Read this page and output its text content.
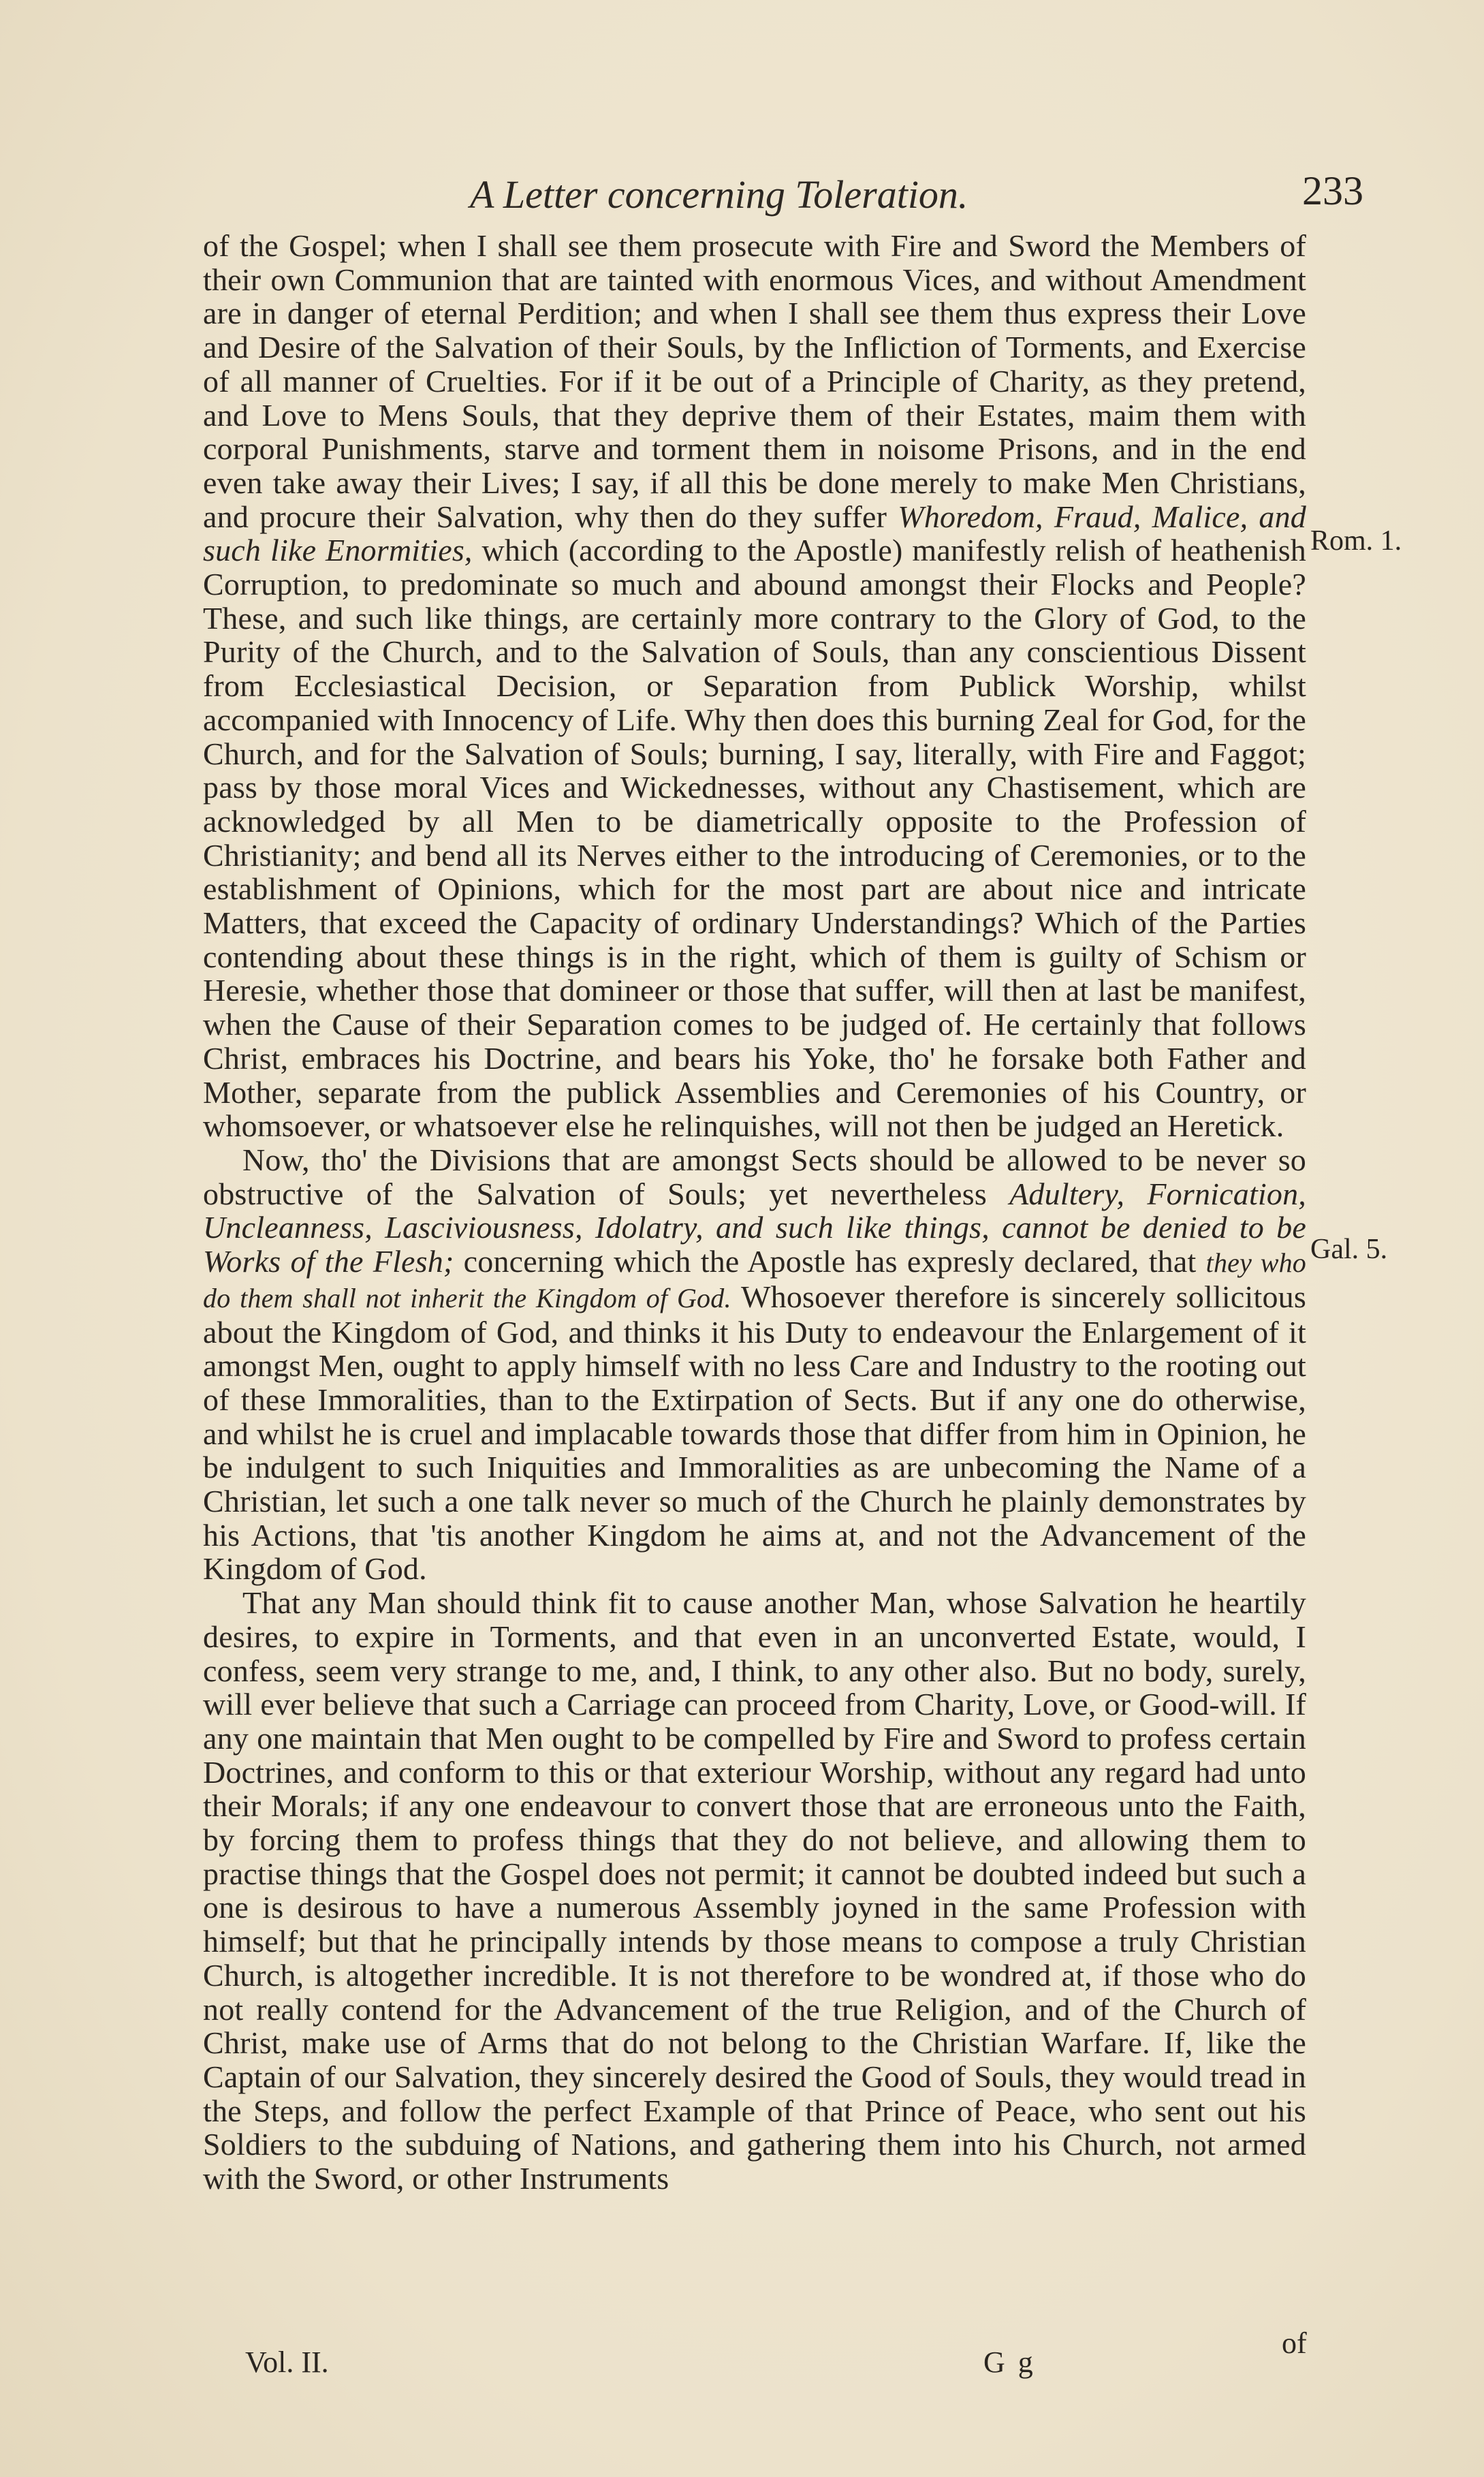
A Letter concerning Toleration.	233
Rom. 1.
Gal. 5.

of the Gospel; when I shall see them prosecute with Fire and Sword the Members of their own Communion that are tainted with enormous Vices, and without Amendment are in danger of eternal Perdition; and when I shall see them thus express their Love and Desire of the Salvation of their Souls, by the Infliction of Torments, and Exercise of all manner of Cruelties. For if it be out of a Principle of Charity, as they pretend, and Love to Mens Souls, that they deprive them of their Estates, maim them with corporal Punishments, starve and torment them in noisome Prisons, and in the end even take away their Lives; I say, if all this be done merely to make Men Christians, and procure their Salvation, why then do they suffer Whoredom, Fraud, Malice, and such like Enormities, which (according to the Apostle) manifestly relish of heathenish Corruption, to predominate so much and abound amongst their Flocks and People? These, and such like things, are certainly more contrary to the Glory of God, to the Purity of the Church, and to the Salvation of Souls, than any conscientious Dissent from Ecclesiastical Decision, or Separation from Publick Worship, whilst accompanied with Innocency of Life. Why then does this burning Zeal for God, for the Church, and for the Salvation of Souls; burning, I say, literally, with Fire and Faggot; pass by those moral Vices and Wickednesses, without any Chastisement, which are acknowledged by all Men to be diametrically opposite to the Profession of Christianity; and bend all its Nerves either to the introducing of Ceremonies, or to the establishment of Opinions, which for the most part are about nice and intricate Matters, that exceed the Capacity of ordinary Understandings? Which of the Parties contending about these things is in the right, which of them is guilty of Schism or Heresie, whether those that domineer or those that suffer, will then at last be manifest, when the Cause of their Separation comes to be judged of. He certainly that follows Christ, embraces his Doctrine, and bears his Yoke, tho' he forsake both Father and Mother, separate from the publick Assemblies and Ceremonies of his Country, or whomsoever, or whatsoever else he relinquishes, will not then be judged an Heretick.

Now, tho' the Divisions that are amongst Sects should be allowed to be never so obstructive of the Salvation of Souls; yet nevertheless Adultery, Fornication, Uncleanness, Lasciviousness, Idolatry, and such like things, cannot be denied to be Works of the Flesh; concerning which the Apostle has expresly declared, that they who do them shall not inherit the Kingdom of God. Whosoever therefore is sincerely sollicitous about the Kingdom of God, and thinks it his Duty to endeavour the Enlargement of it amongst Men, ought to apply himself with no less Care and Industry to the rooting out of these Immoralities, than to the Extirpation of Sects. But if any one do otherwise, and whilst he is cruel and implacable towards those that differ from him in Opinion, he be indulgent to such Iniquities and Immoralities as are unbecoming the Name of a Christian, let such a one talk never so much of the Church he plainly demonstrates by his Actions, that 'tis another Kingdom he aims at, and not the Advancement of the Kingdom of God.

That any Man should think fit to cause another Man, whose Salvation he heartily desires, to expire in Torments, and that even in an unconverted Estate, would, I confess, seem very strange to me, and, I think, to any other also. But no body, surely, will ever believe that such a Carriage can proceed from Charity, Love, or Good-will. If any one maintain that Men ought to be compelled by Fire and Sword to profess certain Doctrines, and conform to this or that exteriour Worship, without any regard had unto their Morals; if any one endeavour to convert those that are erroneous unto the Faith, by forcing them to profess things that they do not believe, and allowing them to practise things that the Gospel does not permit; it cannot be doubted indeed but such a one is desirous to have a numerous Assembly joyned in the same Profession with himself; but that he principally intends by those means to compose a truly Christian Church, is altogether incredible. It is not therefore to be wondred at, if those who do not really contend for the Advancement of the true Religion, and of the Church of Christ, make use of Arms that do not belong to the Christian Warfare. If, like the Captain of our Salvation, they sincerely desired the Good of Souls, they would tread in the Steps, and follow the perfect Example of that Prince of Peace, who sent out his Soldiers to the subduing of Nations, and gathering them into his Church, not armed with the Sword, or other Instruments

Vol. II.	G g
of
